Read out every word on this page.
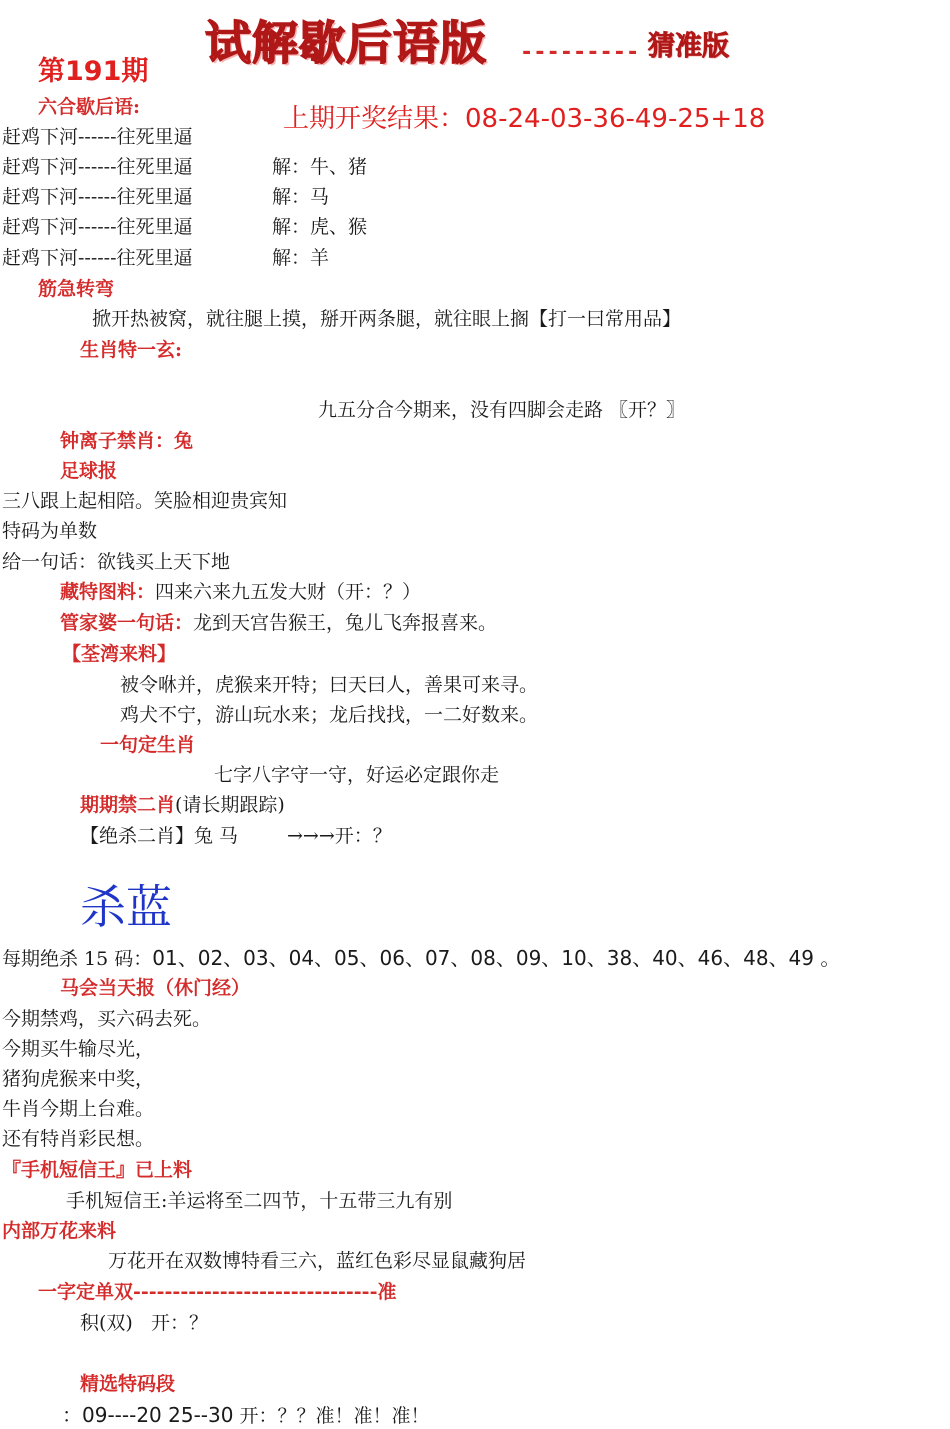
试解歇后语版 --------- 猜准版
第191期
上期开奖结果：08-24-03-36-49-25+18
六合歇后语:
赶鸡下河------往死里逼
赶鸡下河------往死里逼	解：牛、猪
赶鸡下河------往死里逼	解：马
赶鸡下河------往死里逼	解：虎、猴
赶鸡下河------往死里逼	解：羊
筋急转弯
掀开热被窝，就往腿上摸，掰开两条腿，就往眼上搁【打一曰常用品】
生肖特一玄:
九五分合今期来，没有四脚会走路 〖开？〗
钟离子禁肖：兔
足球报
三八跟上起相陪。笑脸相迎贵宾知
特码为单数
给一句话：欲钱买上天下地
藏特图料：四来六来九五发大财（开：？）
管家婆一句话：龙到天宫告猴王，兔儿飞奔报喜来。
【荃湾来料】
被令咻并，虎猴来开特；曰天曰人，善果可来寻。
鸡犬不宁，游山玩水来；龙后找找，一二好数来。
一句定生肖
七字八字守一守，好运必定跟你走
期期禁二肖(请长期跟踪)
【绝杀二肖】兔 马	→→→开：？
杀蓝
每期绝杀 15 码：01、02、03、04、05、06、07、08、09、10、38、40、46、48、49 。
马会当天报（休门经）
今期禁鸡，买六码去死。
今期买牛输尽光，
猪狗虎猴来中奖，
牛肖今期上台难。
还有特肖彩民想。
『手机短信王』已上料
手机短信王:羊运将至二四节，十五带三九有别
内部万花来料
万花开在双数博特看三六，蓝红色彩尽显鼠藏狗居
一字定单双-------------------------------准
积(双)   开：？
精选特码段
：09----20 25--30 开：？？准！准！准！
